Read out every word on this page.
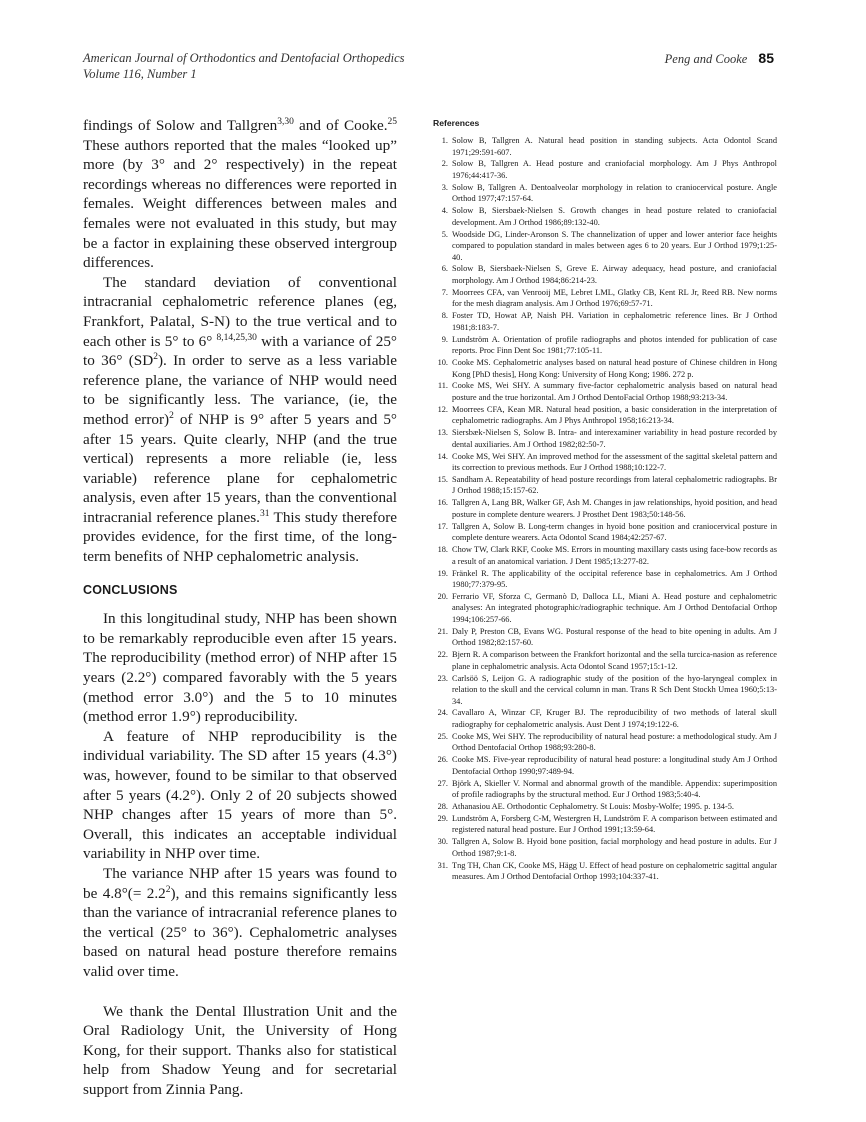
American Journal of Orthodontics and Dentofacial Orthopedics
Volume 116, Number 1
Peng and Cooke 85

findings of Solow and Tallgren$^{3,30}$ and of Cooke.$^{25}$ These authors reported that the males “looked up” more (by 3° and 2° respectively) in the repeat recordings whereas no differences were reported in females. Weight differences between males and females were not evaluated in this study, but may be a factor in explaining these observed intergroup differences.

The standard deviation of conventional intracranial cephalometric reference planes (eg, Frankfort, Palatal, S-N) to the true vertical and to each other is 5° to 6° $^{8,14,25,30}$ with a variance of 25° to 36° $(SD^2)$. In order to serve as a less variable reference plane, the variance of NHP would need to be significantly less. The variance, (ie, the method error)$^2$ of NHP is 9° after 5 years and 5° after 15 years. Quite clearly, NHP (and the true vertical) represents a more reliable (ie, less variable) reference plane for cephalometric analysis, even after 15 years, than the conventional intracranial reference planes.$^{31}$ This study therefore provides evidence, for the first time, of the long-term benefits of NHP cephalometric analysis.

CONCLUSIONS

In this longitudinal study, NHP has been shown to be remarkably reproducible even after 15 years. The reproducibility (method error) of NHP after 15 years (2.2°) compared favorably with the 5 years (method error 3.0°) and the 5 to 10 minutes (method error 1.9°) reproducibility.

A feature of NHP reproducibility is the individual variability. The SD after 15 years (4.3°) was, however, found to be similar to that observed after 5 years (4.2°). Only 2 of 20 subjects showed NHP changes after 15 years of more than 5°. Overall, this indicates an acceptable individual variability in NHP over time.

The variance NHP after 15 years was found to be $4.8^\circ(= 2.2^2)$, and this remains significantly less than the variance of intracranial reference planes to the vertical (25° to 36°). Cephalometric analyses based on natural head posture therefore remains valid over time.

We thank the Dental Illustration Unit and the Oral Radiology Unit, the University of Hong Kong, for their support. Thanks also for statistical help from Shadow Yeung and for secretarial support from Zinnia Pang.

References
1. Solow B, Tallgren A. Natural head position in standing subjects. Acta Odontol Scand 1971;29:591-607.
2. Solow B, Tallgren A. Head posture and craniofacial morphology. Am J Phys Anthropol 1976;44:417-36.
3. Solow B, Tallgren A. Dentoalveolar morphology in relation to craniocervical posture. Angle Orthod 1977;47:157-64.
4. Solow B, Siersbaek-Nielsen S. Growth changes in head posture related to craniofacial development. Am J Orthod 1986;89:132-40.
5. Woodside DG, Linder-Aronson S. The channelization of upper and lower anterior face heights compared to population standard in males between ages 6 to 20 years. Eur J Orthod 1979;1:25-40.
6. Solow B, Siersbaek-Nielsen S, Greve E. Airway adequacy, head posture, and craniofacial morphology. Am J Orthod 1984;86:214-23.
7. Moorrees CFA, van Venrooij ME, Lebret LML, Glatky CB, Kent RL Jr, Reed RB. New norms for the mesh diagram analysis. Am J Orthod 1976;69:57-71.
8. Foster TD, Howat AP, Naish PH. Variation in cephalometric reference lines. Br J Orthod 1981;8:183-7.
9. Lundström A. Orientation of profile radiographs and photos intended for publication of case reports. Proc Finn Dent Soc 1981;77:105-11.
10. Cooke MS. Cephalometric analyses based on natural head posture of Chinese children in Hong Kong [PhD thesis], Hong Kong: University of Hong Kong; 1986. 272 p.
11. Cooke MS, Wei SHY. A summary five-factor cephalometric analysis based on natural head posture and the true horizontal. Am J Orthod DentoFacial Orthop 1988;93:213-34.
12. Moorrees CFA, Kean MR. Natural head position, a basic consideration in the interpretation of cephalometric radiographs. Am J Phys Anthropol 1958;16:213-34.
13. Siersbæk-Nielsen S, Solow B. Intra- and interexaminer variability in head posture recorded by dental auxiliaries. Am J Orthod 1982;82:50-7.
14. Cooke MS, Wei SHY. An improved method for the assessment of the sagittal skeletal pattern and its correction to previous methods. Eur J Orthod 1988;10:122-7.
15. Sandham A. Repeatability of head posture recordings from lateral cephalometric radiographs. Br J Orthod 1988;15:157-62.
16. Tallgren A, Lang BR, Walker GF, Ash M. Changes in jaw relationships, hyoid position, and head posture in complete denture wearers. J Prosthet Dent 1983;50:148-56.
17. Tallgren A, Solow B. Long-term changes in hyoid bone position and craniocervical posture in complete denture wearers. Acta Odontol Scand 1984;42:257-67.
18. Chow TW, Clark RKF, Cooke MS. Errors in mounting maxillary casts using face-bow records as a result of an anatomical variation. J Dent 1985;13:277-82.
19. Fränkel R. The applicability of the occipital reference base in cephalometrics. Am J Orthod 1980;77:379-95.
20. Ferrario VF, Sforza C, Germanò D, Dalloca LL, Miani A. Head posture and cephalometric analyses: An integrated photographic/radiographic technique. Am J Orthod Dentofacial Orthop 1994;106:257-66.
21. Daly P, Preston CB, Evans WG. Postural response of the head to bite opening in adults. Am J Orthod 1982;82:157-60.
22. Bjern R. A comparison between the Frankfort horizontal and the sella turcica-nasion as reference plane in cephalometric analysis. Acta Odontol Scand 1957;15:1-12.
23. Carlsöö S, Leijon G. A radiographic study of the position of the hyo-laryngeal complex in relation to the skull and the cervical column in man. Trans R Sch Dent Stockh Umea 1960;5:13-34.
24. Cavallaro A, Winzar CF, Kruger BJ. The reproducibility of two methods of lateral skull radiography for cephalometric analysis. Aust Dent J 1974;19:122-6.
25. Cooke MS, Wei SHY. The reproducibility of natural head posture: a methodological study. Am J Orthod Dentofacial Orthop 1988;93:280-8.
26. Cooke MS. Five-year reproducibility of natural head posture: a longitudinal study Am J Orthod Dentofacial Orthop 1990;97:489-94.
27. Björk A, Skieller V. Normal and abnormal growth of the mandible. Appendix: superimposition of profile radiographs by the structural method. Eur J Orthod 1983;5:40-4.
28. Athanasiou AE. Orthodontic Cephalometry. St Louis: Mosby-Wolfe; 1995. p. 134-5.
29. Lundström A, Forsberg C-M, Westergren H, Lundström F. A comparison between estimated and registered natural head posture. Eur J Orthod 1991;13:59-64.
30. Tallgren A, Solow B. Hyoid bone position, facial morphology and head posture in adults. Eur J Orthod 1987;9:1-8.
31. Tng TH, Chan CK, Cooke MS, Hägg U. Effect of head posture on cephalometric sagittal angular measures. Am J Orthod Dentofacial Orthop 1993;104:337-41.
